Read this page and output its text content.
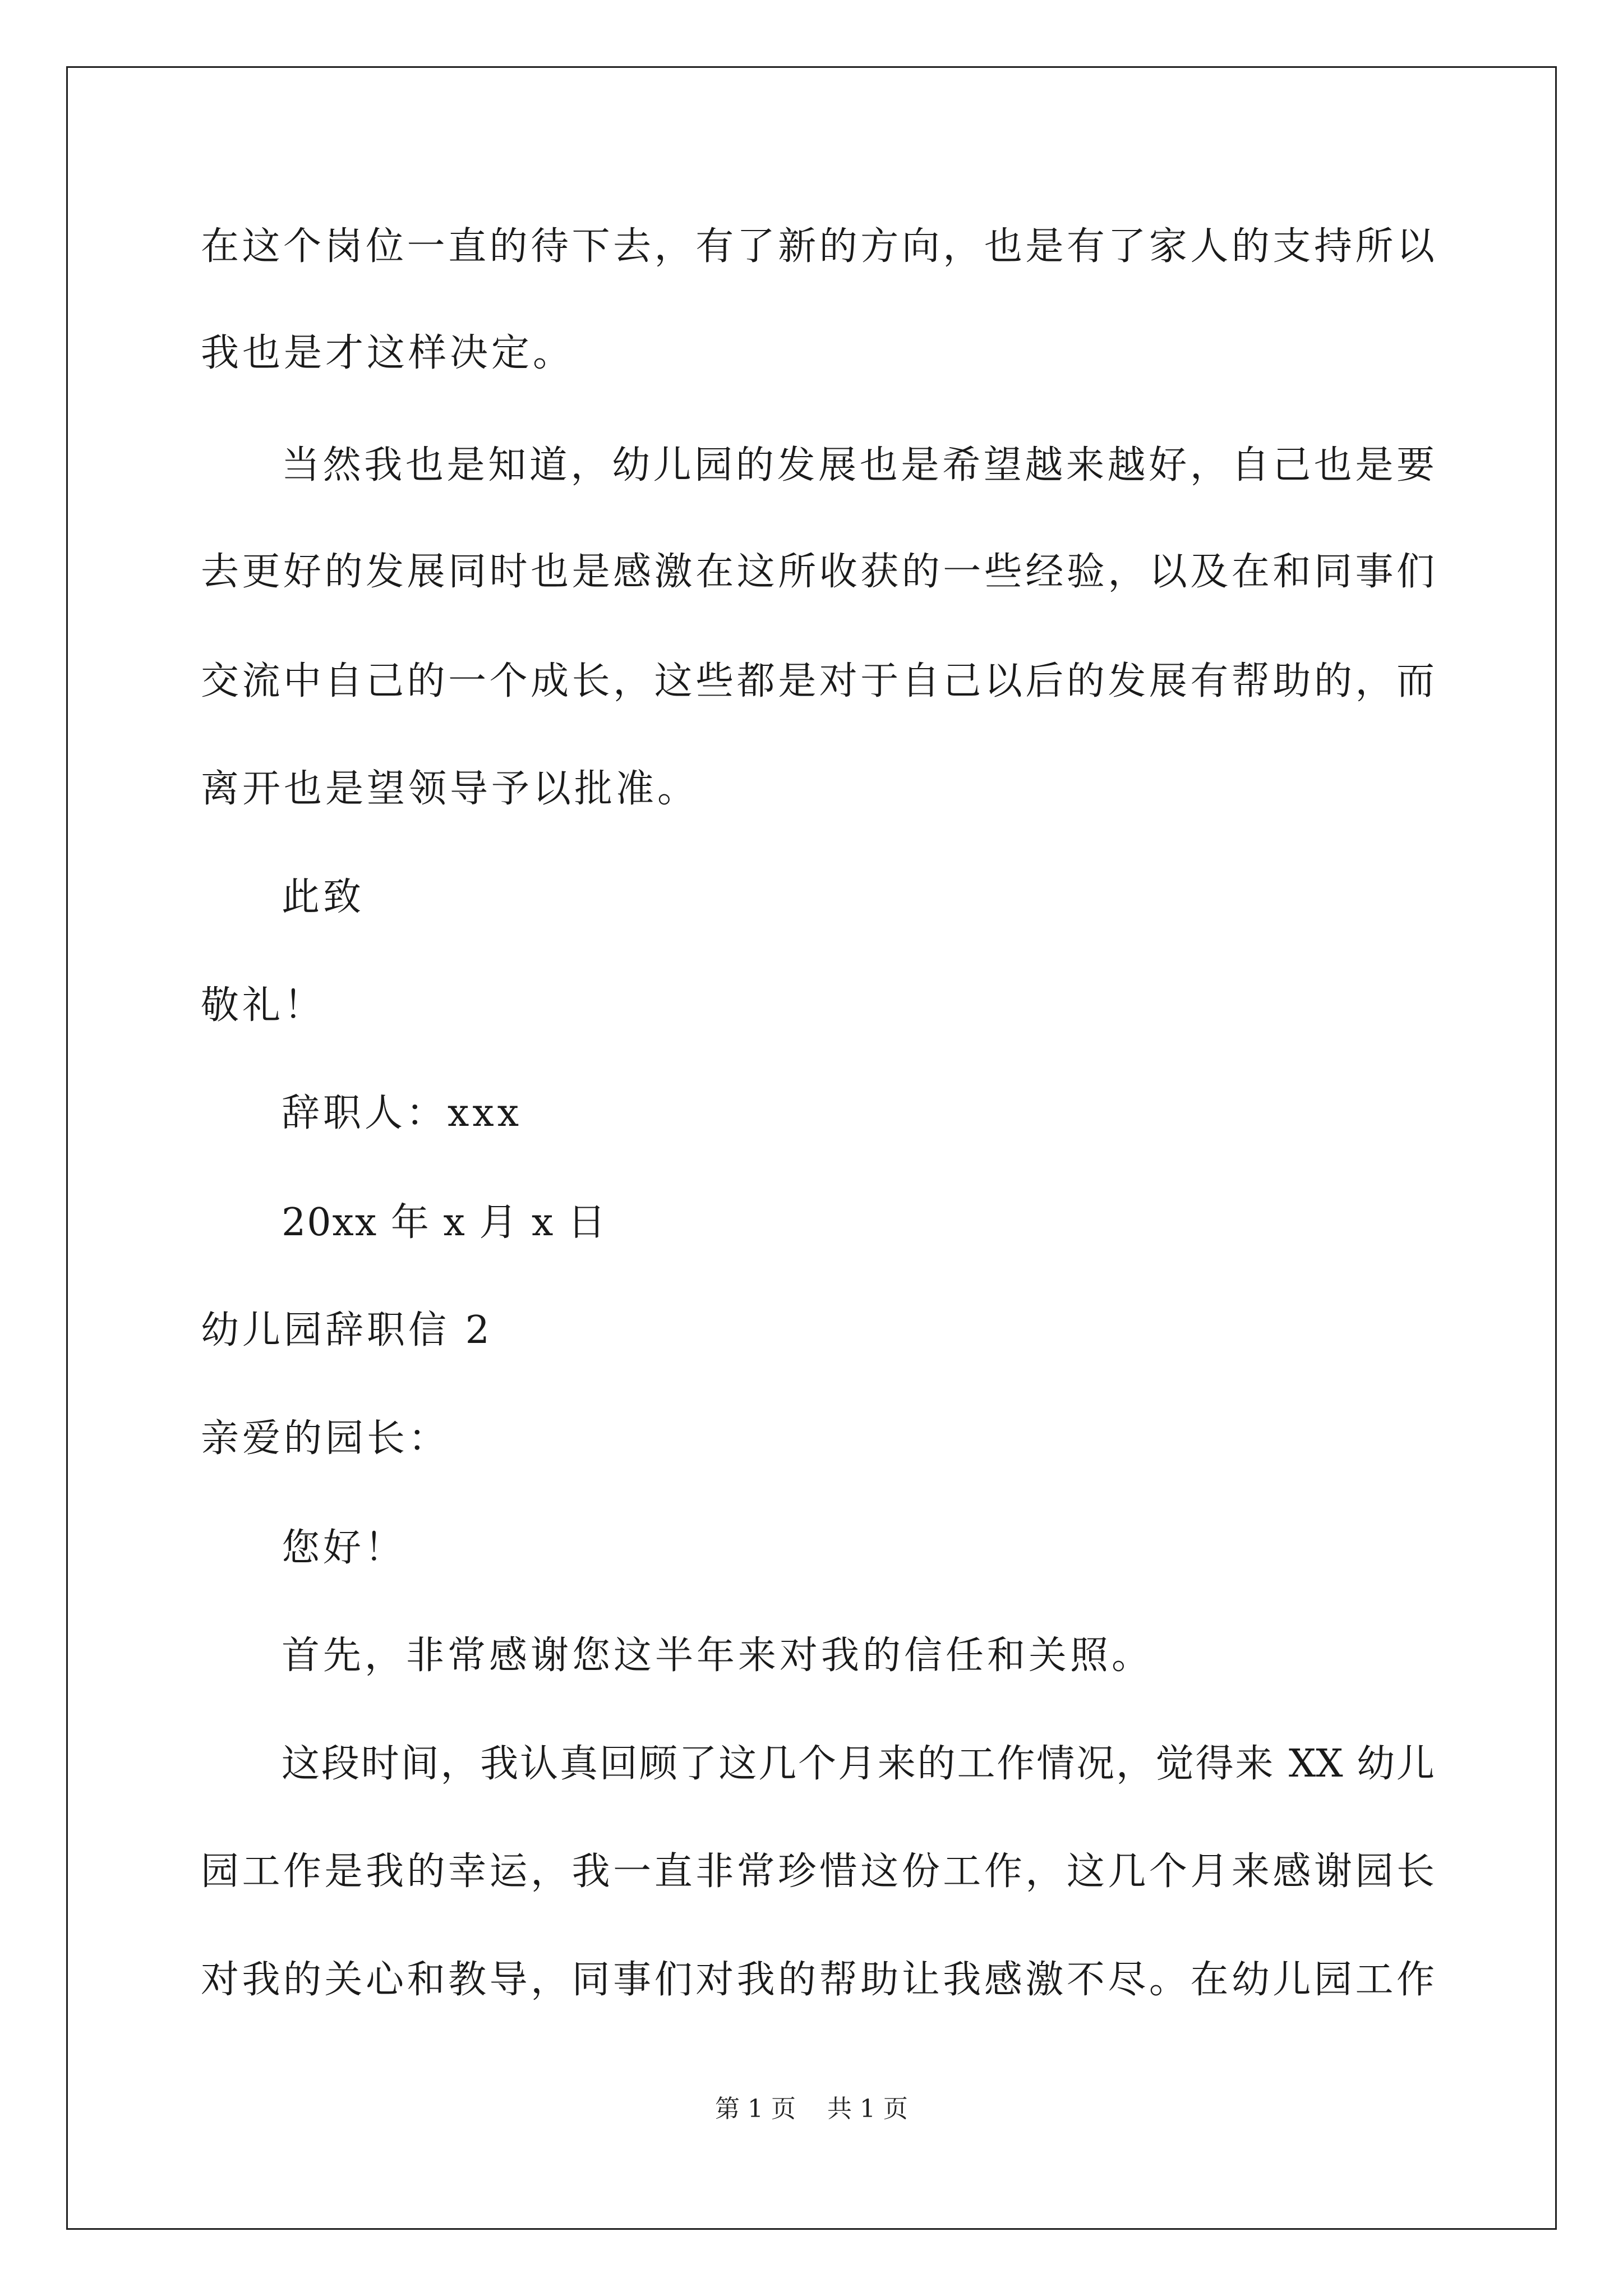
在这个岗位一直的待下去，有了新的方向，也是有了家人的支持所以
我也是才这样决定。
当然我也是知道，幼儿园的发展也是希望越来越好，自己也是要
去更好的发展同时也是感激在这所收获的一些经验，以及在和同事们
交流中自己的一个成长，这些都是对于自己以后的发展有帮助的，而
离开也是望领导予以批准。
此致
敬礼！
辞职人：xxx
20xx 年 x 月 x 日
幼儿园辞职信 2
亲爱的园长：
您好！
首先，非常感谢您这半年来对我的信任和关照。
这段时间，我认真回顾了这几个月来的工作情况，觉得来 XX 幼儿
园工作是我的幸运，我一直非常珍惜这份工作，这几个月来感谢园长
对我的关心和教导，同事们对我的帮助让我感激不尽。在幼儿园工作
第 1 页    共 1 页
